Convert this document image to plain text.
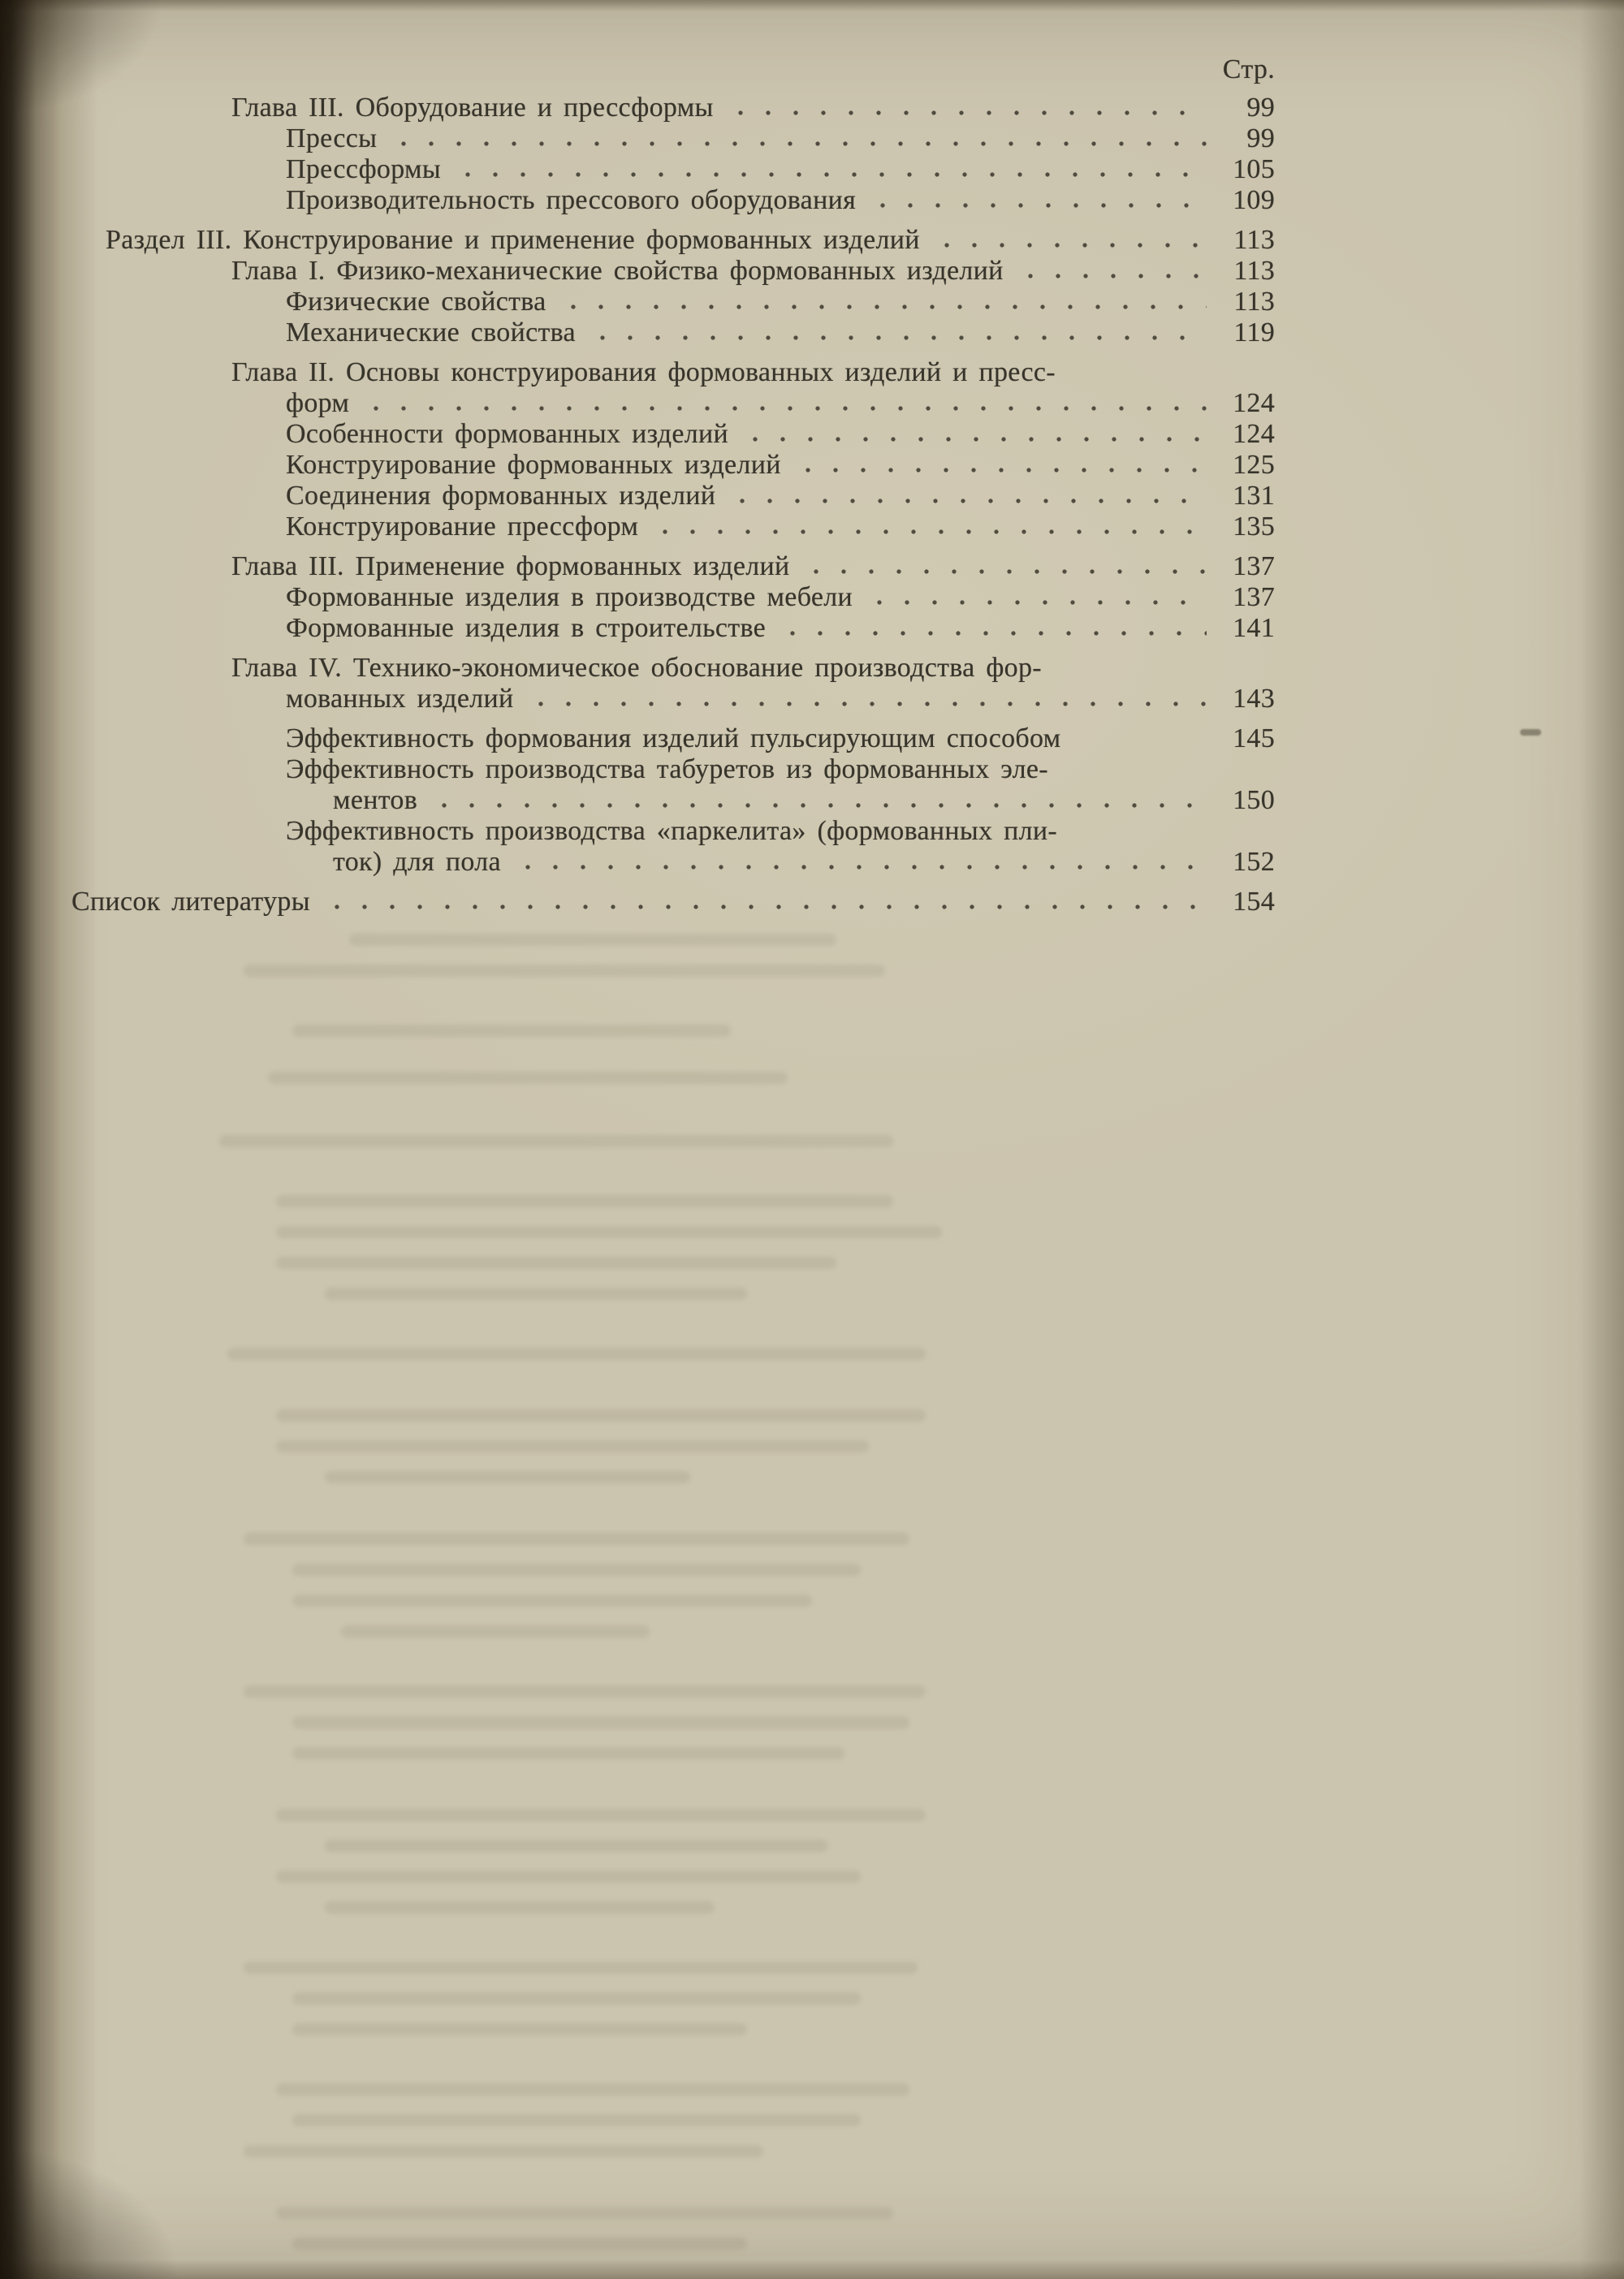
Стр.
Глава III. Оборудование и прессформы	99
Прессы	99
Прессформы	105
Производительность прессового оборудования	109
Раздел III. Конструирование и применение формованных изделий	113
Глава I. Физико-механические свойства формованных изделий	113
Физические свойства	113
Механические свойства	119
Глава II. Основы конструирования формованных изделий и пресс-
форм	124
Особенности формованных изделий	124
Конструирование формованных изделий	125
Соединения формованных изделий	131
Конструирование прессформ	135
Глава III. Применение формованных изделий	137
Формованные изделия в производстве мебели	137
Формованные изделия в строительстве	141
Глава IV. Технико-экономическое обоснование производства фор-
мованных изделий	143
Эффективность формования изделий пульсирующим способом	145
Эффективность производства табуретов из формованных эле-
ментов	150
Эффективность производства «паркелита» (формованных пли-
ток) для пола	152
Список литературы	154
